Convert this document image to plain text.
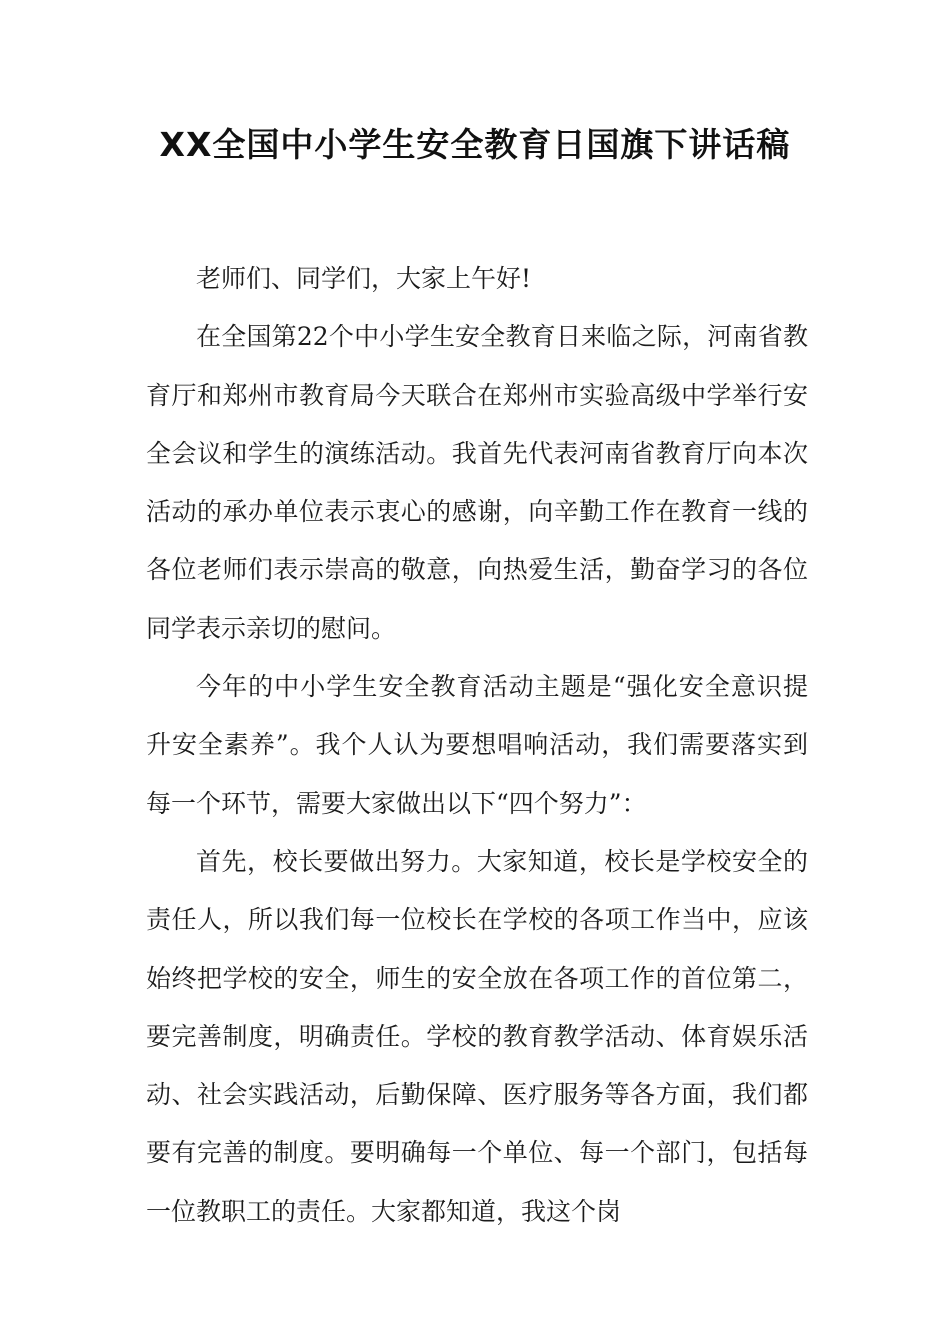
XX全国中小学生安全教育日国旗下讲话稿

老师们、同学们，大家上午好!

在全国第22个中小学生安全教育日来临之际，河南省教育厅和郑州市教育局今天联合在郑州市实验高级中学举行安全会议和学生的演练活动。我首先代表河南省教育厅向本次活动的承办单位表示衷心的感谢，向辛勤工作在教育一线的各位老师们表示崇高的敬意，向热爱生活，勤奋学习的各位同学表示亲切的慰问。

今年的中小学生安全教育活动主题是“强化安全意识提升安全素养”。我个人认为要想唱响活动，我们需要落实到每一个环节，需要大家做出以下“四个努力”：

首先，校长要做出努力。大家知道，校长是学校安全的责任人，所以我们每一位校长在学校的各项工作当中，应该始终把学校的安全，师生的安全放在各项工作的首位第二，要完善制度，明确责任。学校的教育教学活动、体育娱乐活动、社会实践活动，后勤保障、医疗服务等各方面，我们都要有完善的制度。要明确每一个单位、每一个部门，包括每一位教职工的责任。大家都知道，我这个岗
